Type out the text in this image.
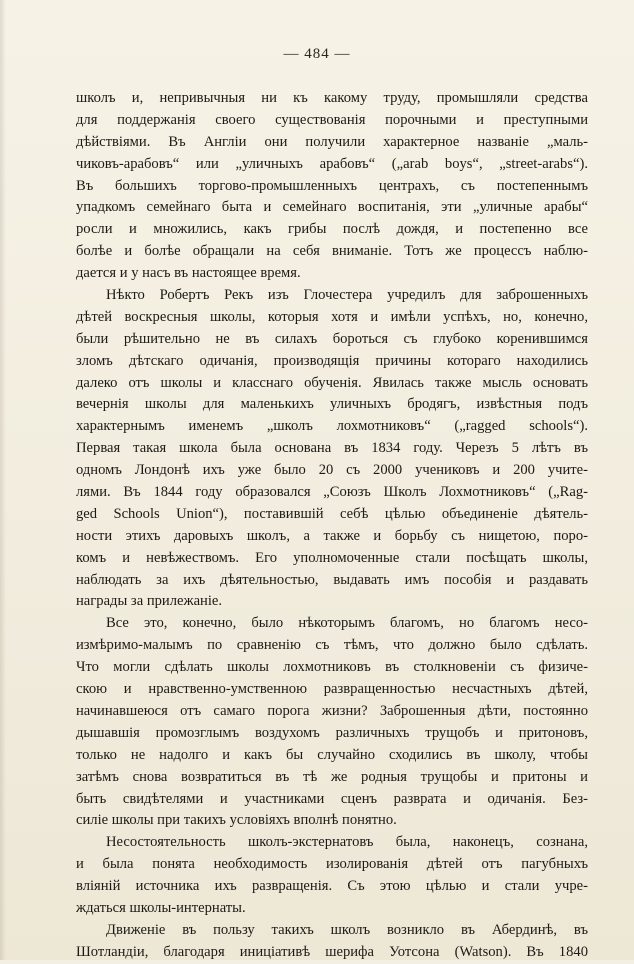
— 484 —
школъ и, непривычныя ни къ какому труду, промышляли средства
для поддержанія своего существованія порочными и преступными
дѣйствіями. Въ Англіи они получили характерное названіе „маль-
чиковъ-арабовъ“ или „уличныхъ арабовъ“ („arab boys“, „street-arabs“).
Въ большихъ торгово-промышленныхъ центрахъ, съ постепеннымъ
упадкомъ семейнаго быта и семейнаго воспитанія, эти „уличные арабы“
росли и множились, какъ грибы послѣ дождя, и постепенно все
болѣе и болѣе обращали на себя вниманіе. Тотъ же процессъ наблю-
дается и у насъ въ настоящее время.
Нѣкто Робертъ Рекъ изъ Глочестера учредилъ для заброшенныхъ
дѣтей воскресныя школы, которыя хотя и имѣли успѣхъ, но, конечно,
были рѣшительно не въ силахъ бороться съ глубоко коренившимся
зломъ дѣтскаго одичанія, производящія причины котораго находились
далеко отъ школы и класснаго обученія. Явилась также мысль основать
вечернія школы для маленькихъ уличныхъ бродягъ, извѣстныя подъ
характернымъ именемъ „школъ лохмотниковъ“ („ragged schools“).
Первая такая школа была основана въ 1834 году. Черезъ 5 лѣтъ въ
одномъ Лондонѣ ихъ уже было 20 съ 2000 учениковъ и 200 учите-
лями. Въ 1844 году образовался „Союзъ Школъ Лохмотниковъ“ („Rag-
ged Schools Union“), поставившій себѣ цѣлью объединеніе дѣятель-
ности этихъ даровыхъ школъ, а также и борьбу съ нищетою, поро-
комъ и невѣжествомъ. Его уполномоченные стали посѣщать школы,
наблюдать за ихъ дѣятельностью, выдавать имъ пособія и раздавать
награды за прилежаніе.
Все это, конечно, было нѣкоторымъ благомъ, но благомъ несо-
измѣримо-малымъ по сравненію съ тѣмъ, что должно было сдѣлать.
Что могли сдѣлать школы лохмотниковъ въ столкновеніи съ физиче-
скою и нравственно-умственною развращенностью несчастныхъ дѣтей,
начинавшеюся отъ самаго порога жизни? Заброшенныя дѣти, постоянно
дышавшія промозглымъ воздухомъ различныхъ трущобъ и притоновъ,
только не надолго и какъ бы случайно сходились въ школу, чтобы
затѣмъ снова возвратиться въ тѣ же родныя трущобы и притоны и
быть свидѣтелями и участниками сценъ разврата и одичанія. Без-
силіе школы при такихъ условіяхъ вполнѣ понятно.
Несостоятельность школъ-экстернатовъ была, наконецъ, сознана,
и была понята необходимость изолированія дѣтей отъ пагубныхъ
вліяній источника ихъ развращенія. Съ этою цѣлью и стали учре-
ждаться школы-интернаты.
Движеніе въ пользу такихъ школъ возникло въ Абердинѣ, въ
Шотландіи, благодаря иниціативѣ шерифа Уотсона (Watson). Въ 1840
